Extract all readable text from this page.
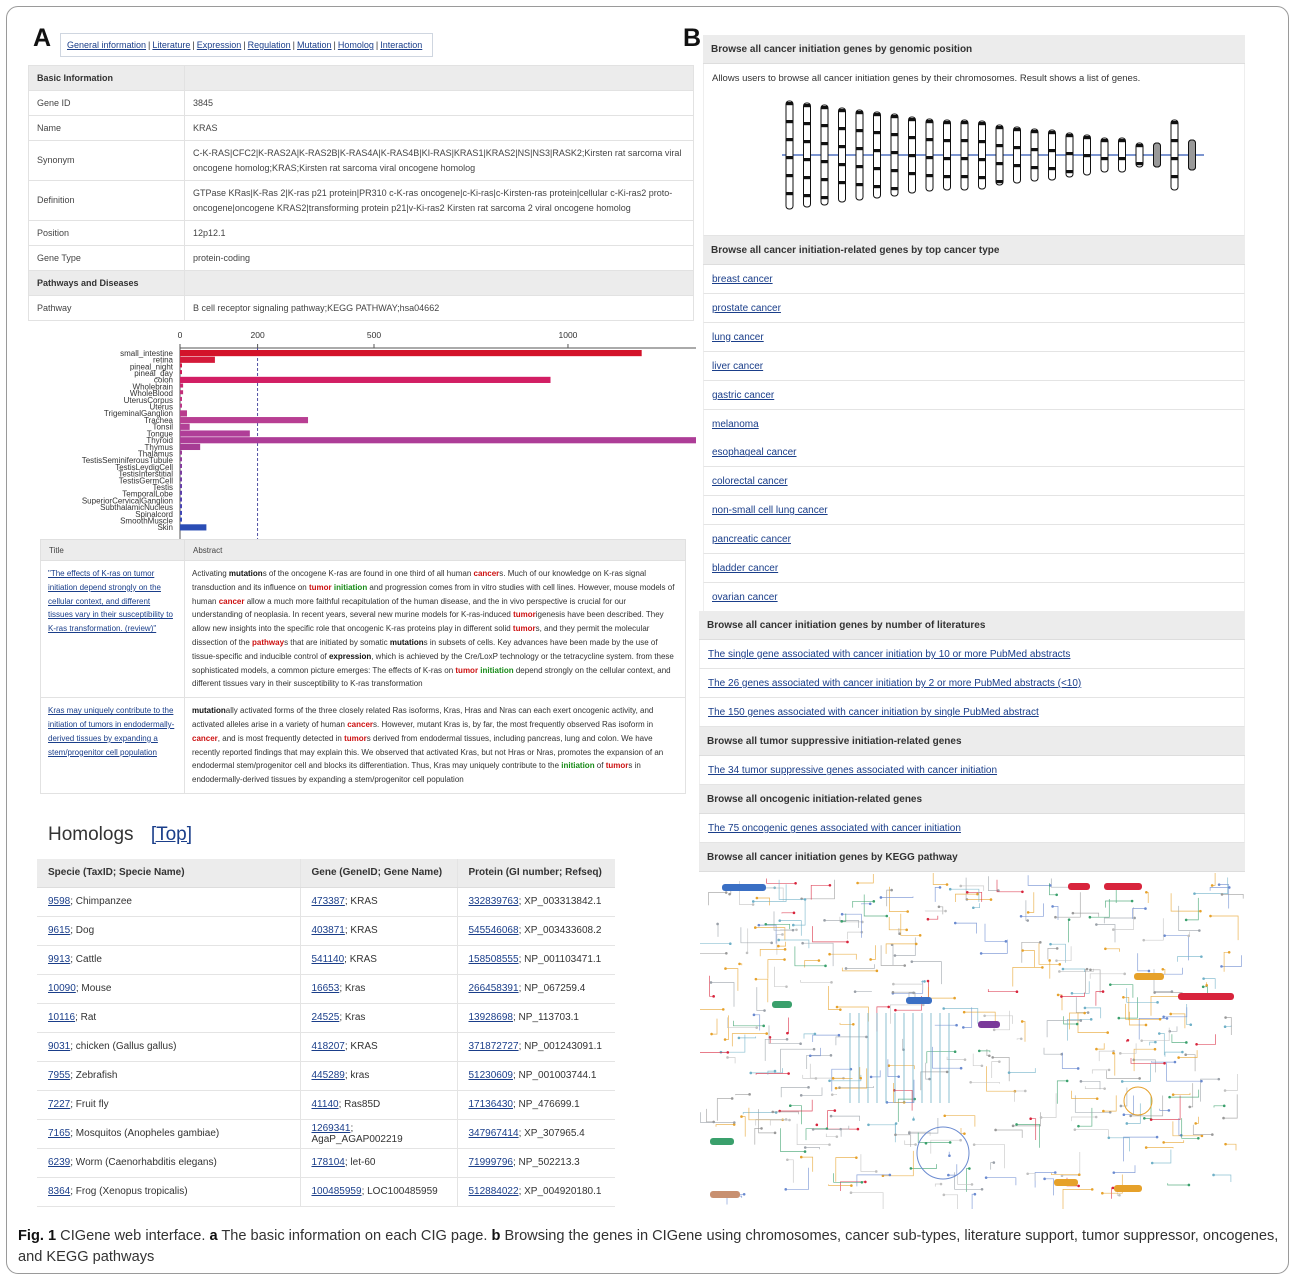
A	General information | Literature | Expression | Regulation | Mutation | Homolog | Interaction
Basic Information	
Gene ID	3845
Name	KRAS
Synonym	C-K-RAS|CFC2|K-RAS2A|K-RAS2B|K-RAS4A|K-RAS4B|KI-RAS|KRAS1|KRAS2|NS|NS3|RASK2;Kirsten rat sarcoma viral oncogene homolog;KRAS;Kirsten rat sarcoma viral oncogene homolog
Definition	GTPase KRas|K-Ras 2|K-ras p21 protein|PR310 c-K-ras oncogene|c-Ki-ras|c-Kirsten-ras protein|cellular c-Ki-ras2 proto-oncogene|oncogene KRAS2|transforming protein p21|v-Ki-ras2 Kirsten rat sarcoma 2 viral oncogene homolog
Position	12p12.1
Gene Type	protein-coding
Pathways and Diseases	
Pathway	B cell receptor signaling pathway;KEGG PATHWAY;hsa04662
0	200	500	1000
small_intestine
retina
pineal_night
pineal_day
colon
Wholebrain
WholeBlood
UterusCorpus
Uterus
TrigeminalGanglion
Trachea
Tonsil
Tongue
Thyroid
Thymus
Thalamus
TestisSeminiferousTubule
TestisLeydigCell
TestisInterstitial
TestisGermCell
Testis
TemporalLobe
SuperiorCervicalGanglion
SubthalamicNucleus
Spinalcord
SmoothMuscle
Skin
Title	Abstract
"The effects of K-ras on tumor initiation depend strongly on the cellular context, and different tissues vary in their susceptibility to K-ras transformation. (review)"	Activating mutations of the oncogene K-ras are found in one third of all human cancers. Much of our knowledge on K-ras signal transduction and its influence on tumor initiation and progression comes from in vitro studies with cell lines. However, mouse models of human cancer allow a much more faithful recapitulation of the human disease, and the in vivo perspective is crucial for our understanding of neoplasia. In recent years, several new murine models for K-ras-induced tumorigenesis have been described. They allow new insights into the specific role that oncogenic K-ras proteins play in different solid tumors, and they permit the molecular dissection of the pathways that are initiated by somatic mutations in subsets of cells. Key advances have been made by the use of tissue-specific and inducible control of expression, which is achieved by the Cre/LoxP technology or the tetracycline system. from these sophisticated models, a common picture emerges: The effects of K-ras on tumor initiation depend strongly on the cellular context, and different tissues vary in their susceptibility to K-ras transformation
Kras may uniquely contribute to the initiation of tumors in endodermally-derived tissues by expanding a stem/progenitor cell population	mutationally activated forms of the three closely related Ras isoforms, Kras, Hras and Nras can each exert oncogenic activity, and activated alleles arise in a variety of human cancers. However, mutant Kras is, by far, the most frequently observed Ras isoform in cancer, and is most frequently detected in tumors derived from endodermal tissues, including pancreas, lung and colon. We have recently reported findings that may explain this. We observed that activated Kras, but not Hras or Nras, promotes the expansion of an endodermal stem/progenitor cell and blocks its differentiation. Thus, Kras may uniquely contribute to the initiation of tumors in endodermally-derived tissues by expanding a stem/progenitor cell population
Homologs [Top]
Specie (TaxID; Specie Name)	Gene (GeneID; Gene Name)	Protein (GI number; Refseq)
9598; Chimpanzee	473387; KRAS	332839763; XP_003313842.1
9615; Dog	403871; KRAS	545546068; XP_003433608.2
9913; Cattle	541140; KRAS	158508555; NP_001103471.1
10090; Mouse	16653; Kras	266458391; NP_067259.4
10116; Rat	24525; Kras	13928698; NP_113703.1
9031; chicken (Gallus gallus)	418207; KRAS	371872727; NP_001243091.1
7955; Zebrafish	445289; kras	51230609; NP_001003744.1
7227; Fruit fly	41140; Ras85D	17136430; NP_476699.1
7165; Mosquitos (Anopheles gambiae)	1269341; AgaP_AGAP002219	347967414; XP_307965.4
6239; Worm (Caenorhabditis elegans)	178104; let-60	71999796; NP_502213.3
8364; Frog (Xenopus tropicalis)	100485959; LOC100485959	512884022; XP_004920180.1
B Browse all cancer initiation genes by genomic position
Allows users to browse all cancer initiation genes by their chromosomes. Result shows a list of genes.
Browse all cancer initiation-related genes by top cancer type
breast cancer
prostate cancer
lung cancer
liver cancer
gastric cancer
melanoma
esophageal cancer
colorectal cancer
non-small cell lung cancer
pancreatic cancer
bladder cancer
ovarian cancer
Browse all cancer initiation genes by number of literatures
The single gene associated with cancer initiation by 10 or more PubMed abstracts
The 26 genes associated with cancer initiation by 2 or more PubMed abstracts (<10)
The 150 genes associated with cancer initiation by single PubMed abstract
Browse all tumor suppressive initiation-related genes
The 34 tumor suppressive genes associated with cancer initiation
Browse all oncogenic initiation-related genes
The 75 oncogenic genes associated with cancer initiation
Browse all cancer initiation genes by KEGG pathway
Fig. 1 CIGene web interface. a The basic information on each CIG page. b Browsing the genes in CIGene using chromosomes, cancer sub-types, literature support, tumor suppressor, oncogenes, and KEGG pathways
